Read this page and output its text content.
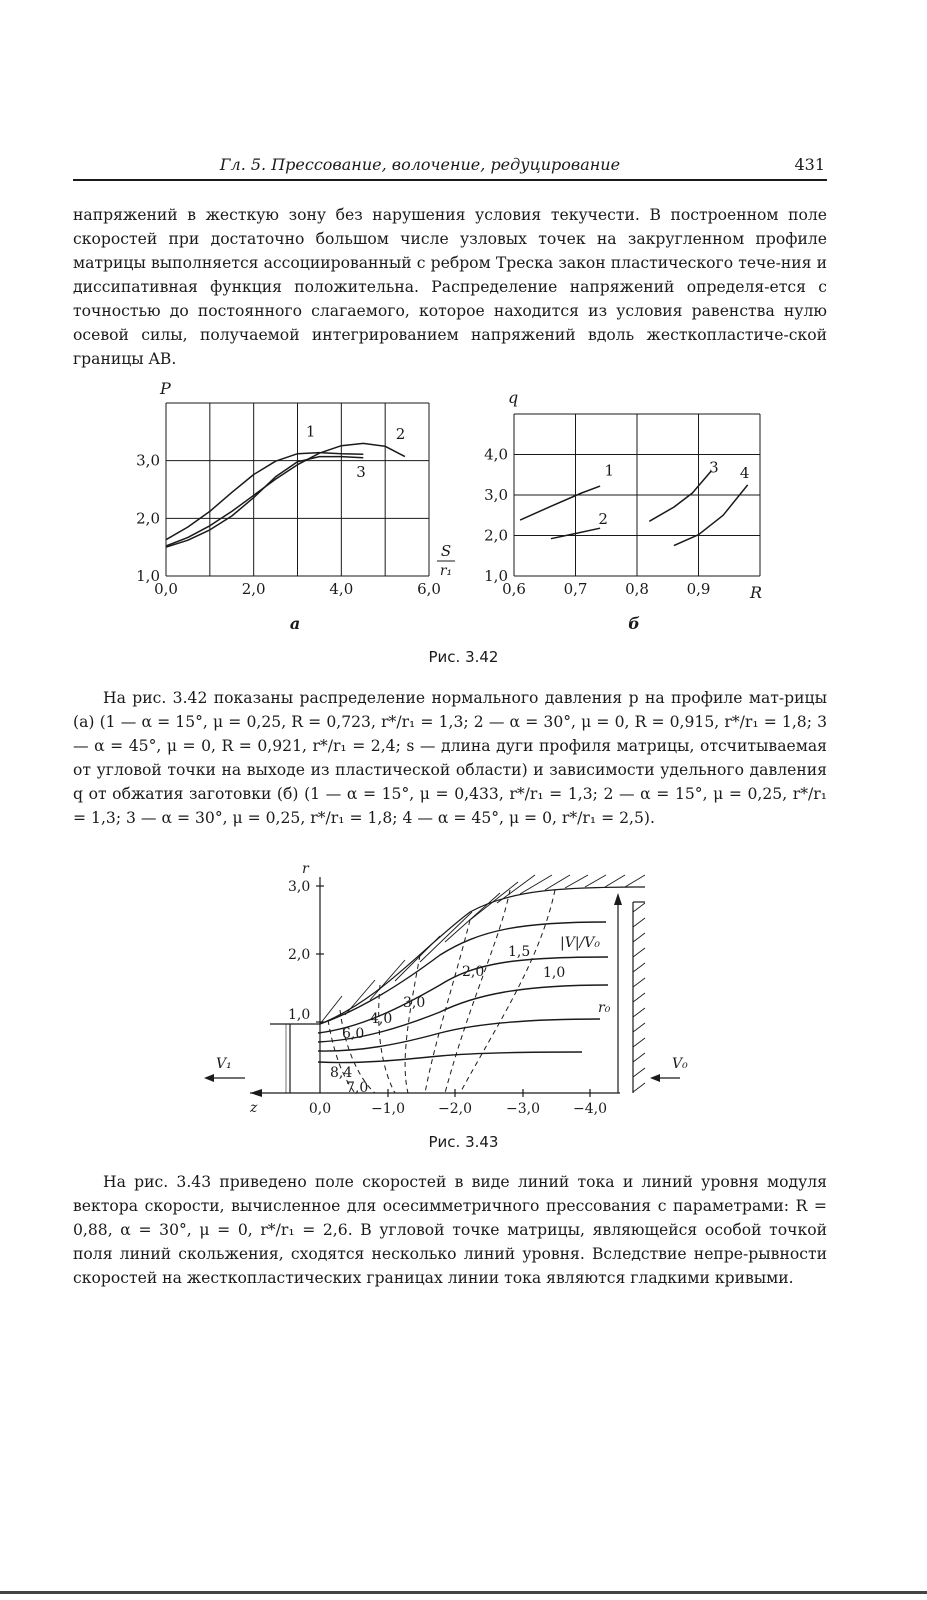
Гл. 5. Прессование, волочение, редуцирование	431

напряжений в жесткую зону без нарушения условия текучести. В построенном поле скоростей при достаточно большом числе узловых точек на закругленном профиле матрицы выполняется ассоциированный с ребром Треска закон пластического тече-ния и диссипативная функция положительна. Распределение напряжений определя-ется с точностью до постоянного слагаемого, которое находится из условия равенства нулю осевой силы, получаемой интегрированием напряжений вдоль жесткопластиче-ской границы AB.

1,0
2,0
3,0
0,0	2,0	4,0	6,0
P
S
r₁
1	2
3
1,0
2,0
3,0
4,0
0,6	0,7	0,8	0,9
q
R
1
2
3 4
а	б
Рис. 3.42

На рис. 3.42 показаны распределение нормального давления p на профиле мат-рицы (а) (1 — α = 15°, μ = 0,25, R = 0,723, r*/r₁ = 1,3; 2 — α = 30°, μ = 0, R = 0,915, r*/r₁ = 1,8; 3 — α = 45°, μ = 0, R = 0,921, r*/r₁ = 2,4; s — длина дуги профиля матрицы, отсчитываемая от угловой точки на выходе из пластической области) и зависимости удельного давления q от обжатия заготовки (б) (1 — α = 15°, μ = 0,433, r*/r₁ = 1,3; 2 — α = 15°, μ = 0,25, r*/r₁ = 1,3; 3 — α = 30°, μ = 0,25, r*/r₁ = 1,8; 4 — α = 45°, μ = 0, r*/r₁ = 2,5).

r
z
3,0
2,0
1,0
0,0	−1,0 −2,0 −3,0 −4,0
1,5
1,0
2,0
3,0
4,0
6,0
8,4
7,0
|V|/V₀
r₀
V₁	V₀
Рис. 3.43

На рис. 3.43 приведено поле скоростей в виде линий тока и линий уровня модуля вектора скорости, вычисленное для осесимметричного прессования с параметрами: R = 0,88, α = 30°, μ = 0, r*/r₁ = 2,6. В угловой точке матрицы, являющейся особой точкой поля линий скольжения, сходятся несколько линий уровня. Вследствие непре-рывности скоростей на жесткопластических границах линии тока являются гладкими кривыми.
